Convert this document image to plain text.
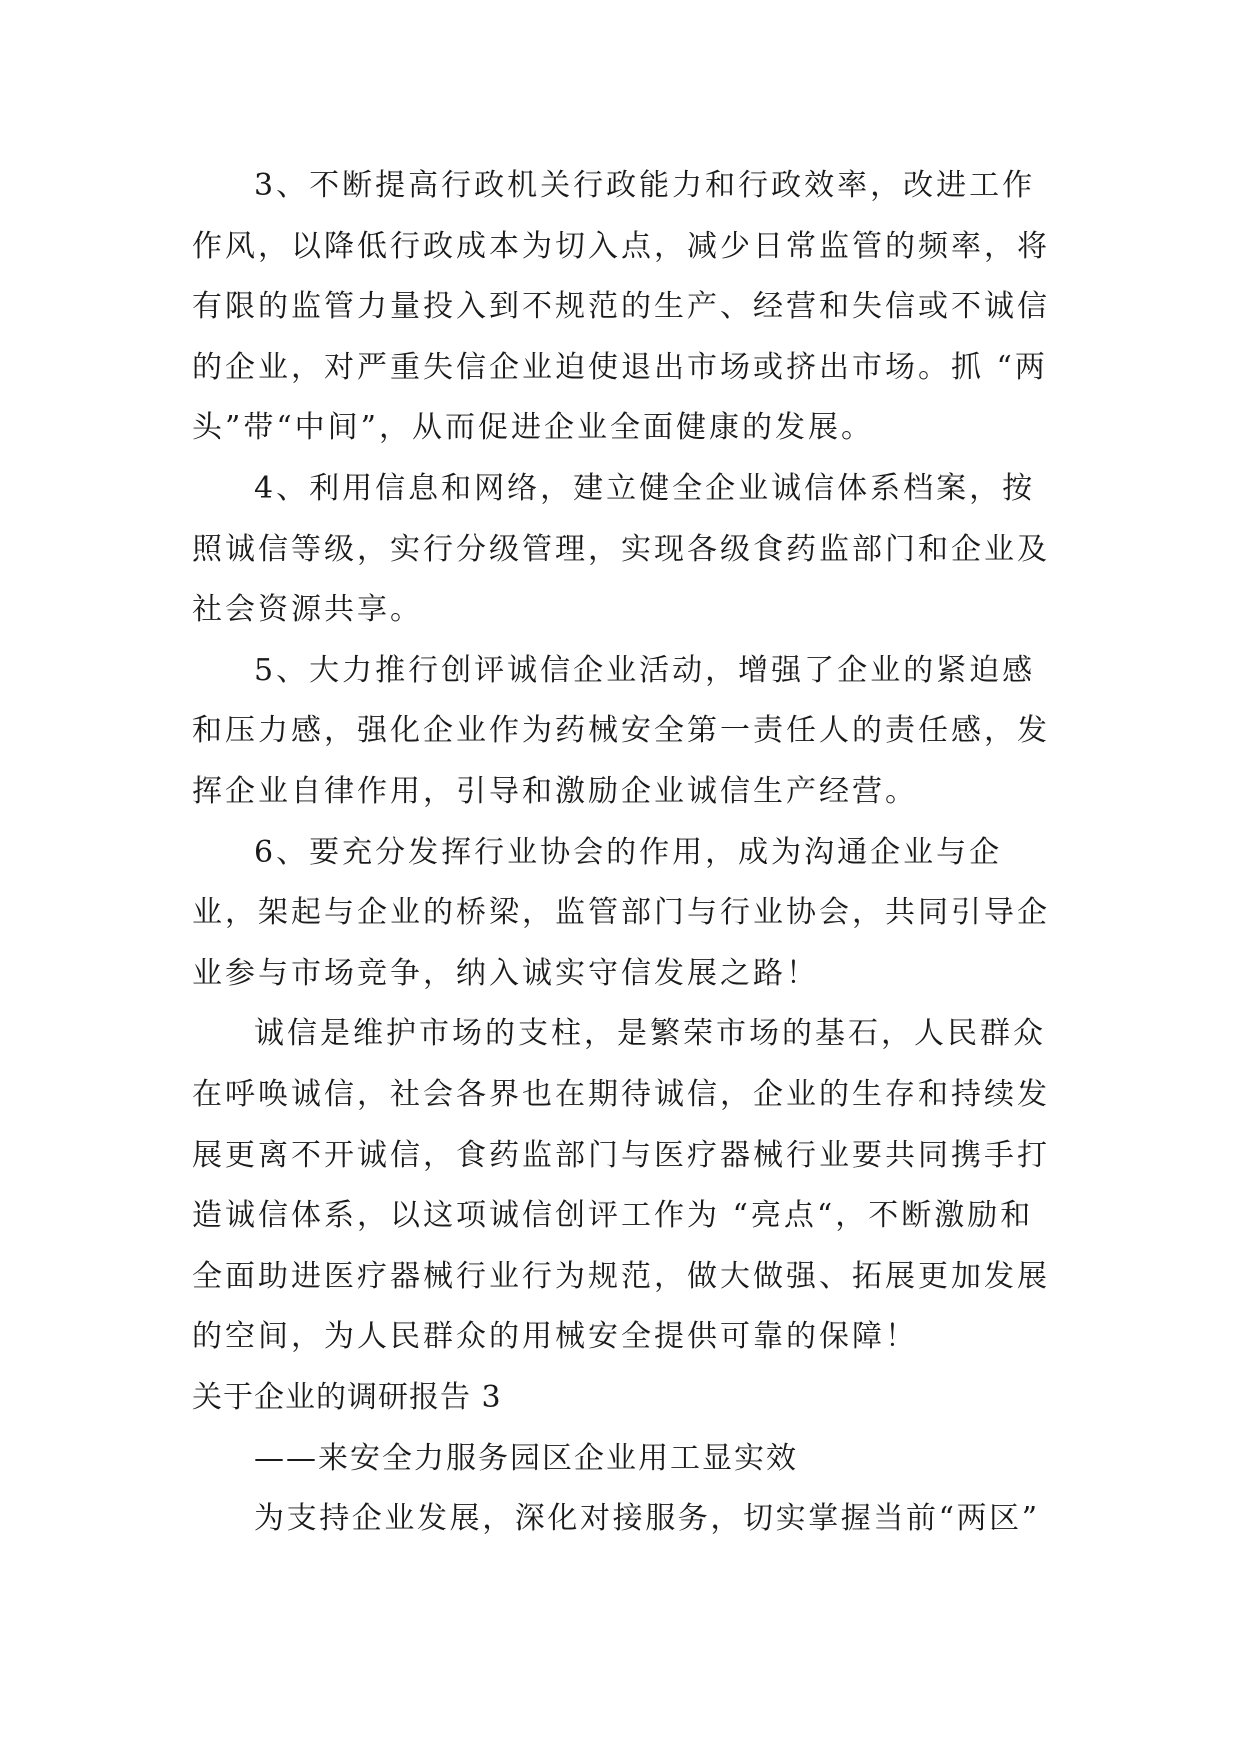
3、不断提高行政机关行政能力和行政效率，改进工作作风，以降低行政成本为切入点，减少日常监管的频率，将有限的监管力量投入到不规范的生产、经营和失信或不诚信的企业，对严重失信企业迫使退出市场或挤出市场。抓 “两头”带“中间”，从而促进企业全面健康的发展。

4、利用信息和网络，建立健全企业诚信体系档案，按照诚信等级，实行分级管理，实现各级食药监部门和企业及社会资源共享。

5、大力推行创评诚信企业活动，增强了企业的紧迫感和压力感，强化企业作为药械安全第一责任人的责任感，发挥企业自律作用，引导和激励企业诚信生产经营。

6、要充分发挥行业协会的作用，成为沟通企业与企业，架起与企业的桥梁，监管部门与行业协会，共同引导企业参与市场竞争，纳入诚实守信发展之路！

诚信是维护市场的支柱，是繁荣市场的基石，人民群众在呼唤诚信，社会各界也在期待诚信，企业的生存和持续发展更离不开诚信，食药监部门与医疗器械行业要共同携手打造诚信体系，以这项诚信创评工作为 “亮点“，不断激励和全面助进医疗器械行业行为规范，做大做强、拓展更加发展的空间，为人民群众的用械安全提供可靠的保障！

关于企业的调研报告 3

——来安全力服务园区企业用工显实效

为支持企业发展，深化对接服务，切实掌握当前“两区”
